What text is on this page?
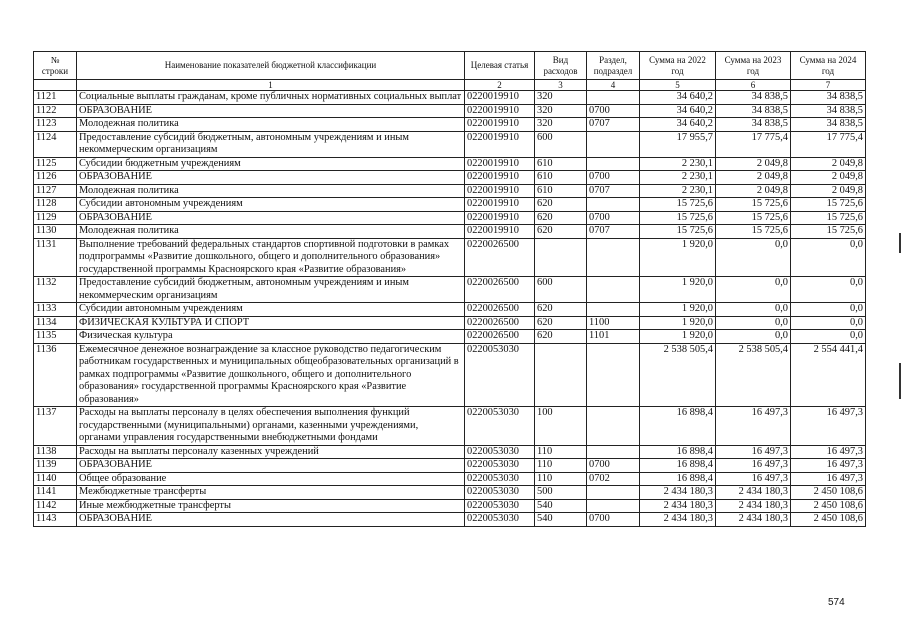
№
строки	Наименование показателей бюджетной классификации	Целевая статья	Вид расходов	Раздел, подраздел	Сумма на 2022 год	Сумма на 2023 год	Сумма на 2024 год
	1	2	3	4	5	6	7
1121	Социальные выплаты гражданам, кроме публичных нормативных социальных выплат	0220019910	320		34 640,2	34 838,5	34 838,5
1122	ОБРАЗОВАНИЕ	0220019910	320	0700	34 640,2	34 838,5	34 838,5
1123	Молодежная политика	0220019910	320	0707	34 640,2	34 838,5	34 838,5
1124	Предоставление субсидий бюджетным, автономным учреждениям и иным некоммерческим организациям	0220019910	600		17 955,7	17 775,4	17 775,4
1125	Субсидии бюджетным учреждениям	0220019910	610		2 230,1	2 049,8	2 049,8
1126	ОБРАЗОВАНИЕ	0220019910	610	0700	2 230,1	2 049,8	2 049,8
1127	Молодежная политика	0220019910	610	0707	2 230,1	2 049,8	2 049,8
1128	Субсидии автономным учреждениям	0220019910	620		15 725,6	15 725,6	15 725,6
1129	ОБРАЗОВАНИЕ	0220019910	620	0700	15 725,6	15 725,6	15 725,6
1130	Молодежная политика	0220019910	620	0707	15 725,6	15 725,6	15 725,6
1131	Выполнение требований федеральных стандартов спортивной подготовки в рамках подпрограммы «Развитие дошкольного, общего и дополнительного образования» государственной программы Красноярского края «Развитие образования»	0220026500			1 920,0	0,0	0,0
1132	Предоставление субсидий бюджетным, автономным учреждениям и иным некоммерческим организациям	0220026500	600		1 920,0	0,0	0,0
1133	Субсидии автономным учреждениям	0220026500	620		1 920,0	0,0	0,0
1134	ФИЗИЧЕСКАЯ КУЛЬТУРА И СПОРТ	0220026500	620	1100	1 920,0	0,0	0,0
1135	Физическая культура	0220026500	620	1101	1 920,0	0,0	0,0
1136	Ежемесячное денежное вознаграждение за классное руководство педагогическим работникам государственных и муниципальных общеобразовательных организаций в рамках подпрограммы «Развитие дошкольного, общего и дополнительного образования» государственной программы Красноярского края «Развитие образования»	0220053030			2 538 505,4	2 538 505,4	2 554 441,4
1137	Расходы на выплаты персоналу в целях обеспечения выполнения функций государственными (муниципальными) органами, казенными учреждениями, органами управления государственными внебюджетными фондами	0220053030	100		16 898,4	16 497,3	16 497,3
1138	Расходы на выплаты персоналу казенных учреждений	0220053030	110		16 898,4	16 497,3	16 497,3
1139	ОБРАЗОВАНИЕ	0220053030	110	0700	16 898,4	16 497,3	16 497,3
1140	Общее образование	0220053030	110	0702	16 898,4	16 497,3	16 497,3
1141	Межбюджетные трансферты	0220053030	500		2 434 180,3	2 434 180,3	2 450 108,6
1142	Иные межбюджетные трансферты	0220053030	540		2 434 180,3	2 434 180,3	2 450 108,6
1143	ОБРАЗОВАНИЕ	0220053030	540	0700	2 434 180,3	2 434 180,3	2 450 108,6
574
